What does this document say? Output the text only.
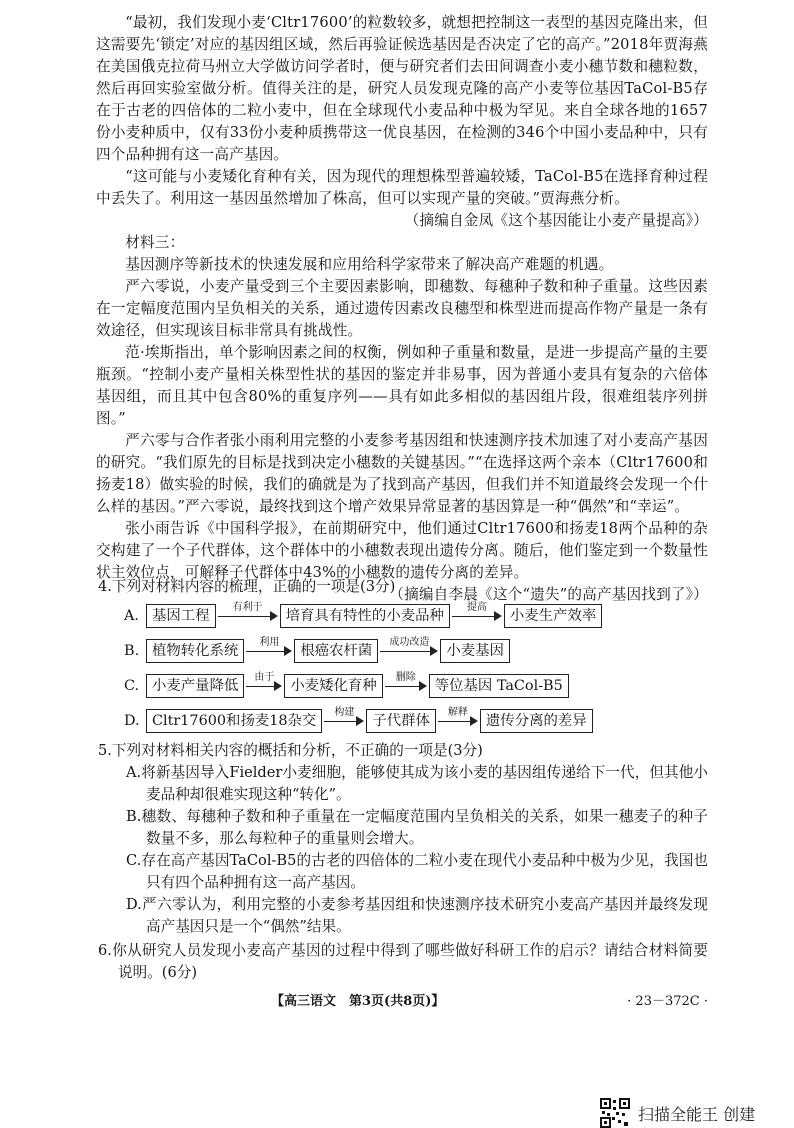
“最初，我们发现小麦‘Cltr17600’的粒数较多，就想把控制这一表型的基因克隆出来，但这需要先‘锁定’对应的基因组区域，然后再验证候选基因是否决定了它的高产。”2018年贾海燕在美国俄克拉荷马州立大学做访问学者时，便与研究者们去田间调查小麦小穗节数和穗粒数，然后再回实验室做分析。值得关注的是，研究人员发现克隆的高产小麦等位基因TaCol-B5存在于古老的四倍体的二粒小麦中，但在全球现代小麦品种中极为罕见。来自全球各地的1657份小麦种质中，仅有33份小麦种质携带这一优良基因，在检测的346个中国小麦品种中，只有四个品种拥有这一高产基因。

“这可能与小麦矮化育种有关，因为现代的理想株型普遍较矮，TaCol-B5在选择育种过程中丢失了。利用这一基因虽然增加了株高，但可以实现产量的突破。”贾海燕分析。

（摘编自金凤《这个基因能让小麦产量提高》）

材料三：

基因测序等新技术的快速发展和应用给科学家带来了解决高产难题的机遇。

严六零说，小麦产量受到三个主要因素影响，即穗数、每穗种子数和种子重量。这些因素在一定幅度范围内呈负相关的关系，通过遗传因素改良穗型和株型进而提高作物产量是一条有效途径，但实现该目标非常具有挑战性。

范·埃斯指出，单个影响因素之间的权衡，例如种子重量和数量，是进一步提高产量的主要瓶颈。“控制小麦产量相关株型性状的基因的鉴定并非易事，因为普通小麦具有复杂的六倍体基因组，而且其中包含80%的重复序列——具有如此多相似的基因组片段，很难组装序列拼图。”

严六零与合作者张小雨利用完整的小麦参考基因组和快速测序技术加速了对小麦高产基因的研究。“我们原先的目标是找到决定小穗数的关键基因。”“在选择这两个亲本（Cltr17600和扬麦18）做实验的时候，我们的确就是为了找到高产基因，但我们并不知道最终会发现一个什么样的基因。”严六零说，最终找到这个增产效果异常显著的基因算是一种“偶然”和“幸运”。

张小雨告诉《中国科学报》，在前期研究中，他们通过Cltr17600和扬麦18两个品种的杂交构建了一个子代群体，这个群体中的小穗数表现出遗传分离。随后，他们鉴定到一个数量性状主效位点，可解释子代群体中43%的小穗数的遗传分离的差异。

（摘编自李晨《这个“遗失”的高产基因找到了》）

4.下列对材料内容的梳理，正确的一项是(3分)
A. 基因工程
有利于
培育具有特性的小麦品种
提高
小麦生产效率
B. 植物转化系统
利用
根癌农杆菌
成功改造
小麦基因
C. 小麦产量降低
由于
小麦矮化育种
删除
等位基因 TaCol-B5
D. Cltr17600和扬麦18杂交
构建
子代群体
解释
遗传分离的差异

5.下列对材料相关内容的概括和分析，不正确的一项是(3分)

A.将新基因导入Fielder小麦细胞，能够使其成为该小麦的基因组传递给下一代，但其他小麦品种却很难实现这种“转化”。

B.穗数、每穗种子数和种子重量在一定幅度范围内呈负相关的关系，如果一穗麦子的种子数量不多，那么每粒种子的重量则会增大。

C.存在高产基因TaCol-B5的古老的四倍体的二粒小麦在现代小麦品种中极为少见，我国也只有四个品种拥有这一高产基因。

D.严六零认为，利用完整的小麦参考基因组和快速测序技术研究小麦高产基因并最终发现高产基因只是一个“偶然”结果。

6.你从研究人员发现小麦高产基因的过程中得到了哪些做好科研工作的启示？请结合材料简要说明。(6分)

【高三语文　第3页(共8页)】	· 23－372C ·
扫描全能王 创建
